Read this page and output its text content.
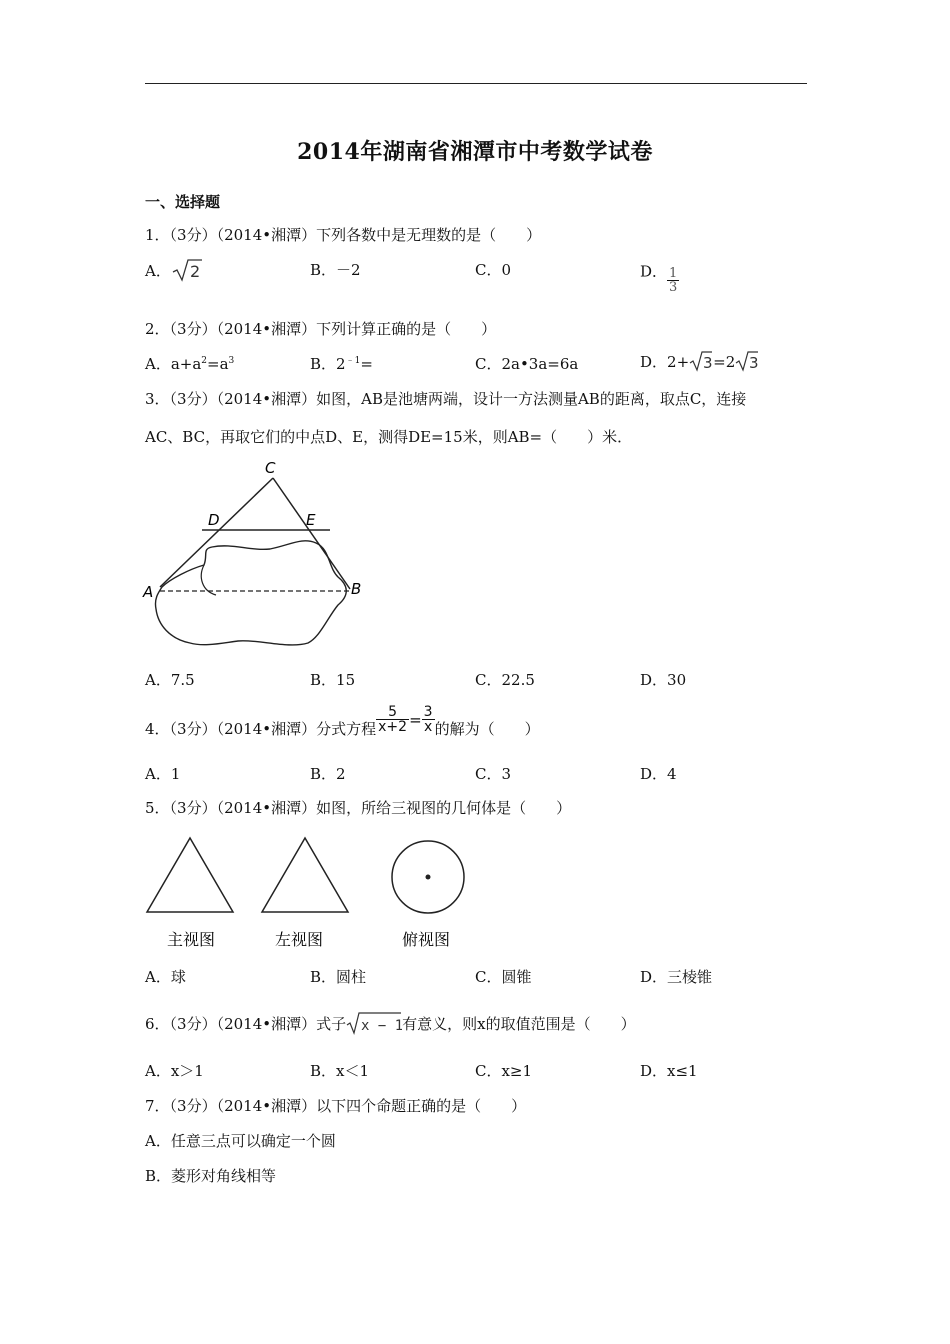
2014年湖南省湘潭市中考数学试卷
一、选择题
1．（3分）（2014•湘潭）下列各数中是无理数的是（　　）
A． 2	B．－2	C．0	D． $\frac{1}{3}$
2．（3分）（2014•湘潭）下列计算正确的是（　　）
A．$a+a^2=a^3$	B．$2^{﹣1}=$	C．2a•3a=6a	D．2+ 3 =2 3
3．（3分）（2014•湘潭）如图，AB是池塘两端，设计一方法测量AB的距离，取点C，连接
AC、BC，再取它们的中点D、E，测得DE=15米，则AB=（　　）米．
C
D	E
A	B
A．7.5	B．15	C．22.5	D．30
4．（3分）（2014•湘潭）分式方程 $\frac{5}{x+2} = \frac{3}{x}$ 的解为（　　）
A．1	B．2	C．3	D．4
5．（3分）（2014•湘潭）如图，所给三视图的几何体是（　　）
主视图	左视图	俯视图
A．球	B．圆柱	C．圆锥	D．三棱锥
6．（3分）（2014•湘潭）式子 x − 1
有意义，则x的取值范围是（　　）
A．x＞1	B．x＜1	C．x≥1	D．x≤1
7．（3分）（2014•湘潭）以下四个命题正确的是（　　）
A．任意三点可以确定一个圆
B．菱形对角线相等
